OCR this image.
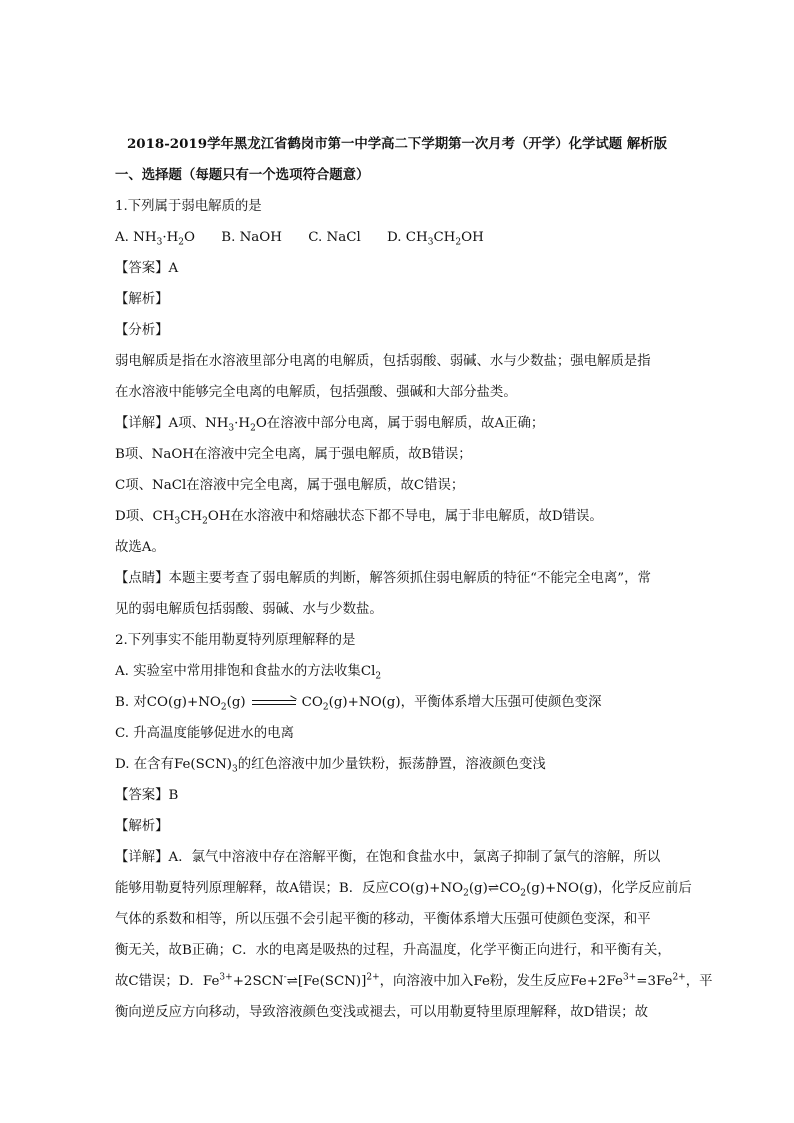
2018-2019学年黑龙江省鹤岗市第一中学高二下学期第一次月考（开学）化学试题 解析版
一、选择题（每题只有一个选项符合题意）
1.下列属于弱电解质的是
A. $NH_3\cdot H_2O$ B. NaOH C. NaCl D. $CH_3CH_2OH$
【答案】A
【解析】
【分析】
弱电解质是指在水溶液里部分电离的电解质，包括弱酸、弱碱、水与少数盐；强电解质是指
在水溶液中能够完全电离的电解质，包括强酸、强碱和大部分盐类。
【详解】A项、$NH_3\cdot H_2O$在溶液中部分电离，属于弱电解质，故A正确；
B项、NaOH在溶液中完全电离，属于强电解质，故B错误；
C项、NaCl在溶液中完全电离，属于强电解质，故C错误；
D项、$CH_3CH_2OH$在水溶液中和熔融状态下都不导电，属于非电解质，故D错误。
故选A。
【点睛】本题主要考查了弱电解质的判断，解答须抓住弱电解质的特征“不能完全电离”，常
见的弱电解质包括弱酸、弱碱、水与少数盐。
2.下列事实不能用勒夏特列原理解释的是
A. 实验室中常用排饱和食盐水的方法收集$Cl_2$
B. 对$CO(g)+NO_2(g) \to CO_2(g)+NO(g)$，平衡体系增大压强可使颜色变深
C. 升高温度能够促进水的电离
D. 在含有$Fe(SCN)_3$的红色溶液中加少量铁粉，振荡静置，溶液颜色变浅
【答案】B
【解析】
【详解】A．氯气中溶液中存在溶解平衡，在饱和食盐水中，氯离子抑制了氯气的溶解，所以
能够用勒夏特列原理解释，故A错误；B．反应$CO(g)+NO_2(g)\rightleftharpoons CO_2(g)+NO(g)$，化学反应前后
气体的系数和相等，所以压强不会引起平衡的移动，平衡体系增大压强可使颜色变深，和平
衡无关，故B正确；C．水的电离是吸热的过程，升高温度，化学平衡正向进行，和平衡有关，
故C错误；D．$Fe^{3+}+2SCN^-\rightleftharpoons[Fe(SCN)]^{2+}$，向溶液中加入Fe粉，发生反应$Fe+2Fe^{3+}=3Fe^{2+}$，平
衡向逆反应方向移动，导致溶液颜色变浅或褪去，可以用勒夏特里原理解释，故D错误；故
